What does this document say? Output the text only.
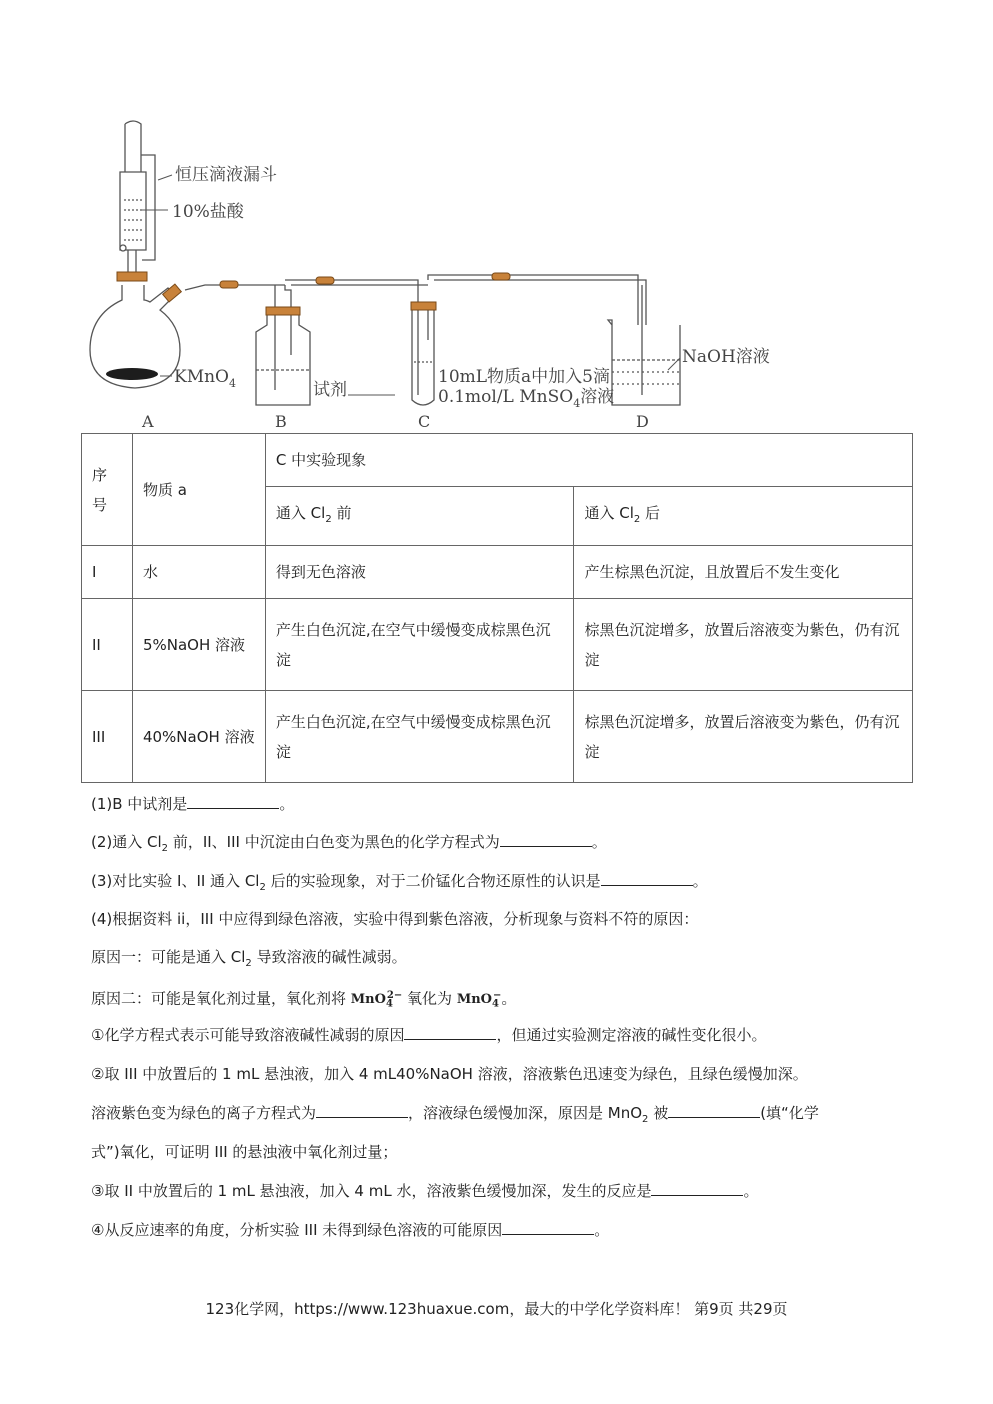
恒压滴液漏斗
10%盐酸
KMnO$_4$	试剂
10mL物质a中加入5滴
0.1mol/L MnSO$_4$溶液
NaOH溶液
A	B	C	D
序
号	物质 a	C 中实验现象	
		通入 $Cl_2$ 前	通入 $Cl_2$ 后
I	水	得到无色溶液	产生棕黑色沉淀，且放置后不发生变化
II	5%NaOH 溶液	产生白色沉淀,在空气中缓慢变成棕黑色沉淀	棕黑色沉淀增多，放置后溶液变为紫色，仍有沉淀
III	40%NaOH 溶液	产生白色沉淀,在空气中缓慢变成棕黑色沉淀	棕黑色沉淀增多，放置后溶液变为紫色，仍有沉淀
(1)B 中试剂是	。
(2)通入 $Cl_2$ 前，II、III 中沉淀由白色变为黑色的化学方程式为	。
(3)对比实验 I、II 通入 $Cl_2$ 后的实验现象，对于二价锰化合物还原性的认识是	。
(4)根据资料 ii，III 中应得到绿色溶液，实验中得到紫色溶液，分析现象与资料不符的原因：
原因一：可能是通入 $Cl_2$ 导致溶液的碱性减弱。
原因二：可能是氧化剂过量，氧化剂将 MnO$_4^{2-}$ 氧化为 MnO$_4$−。
①化学方程式表示可能导致溶液碱性减弱的原因	，但通过实验测定溶液的碱性变化很小。
②取 III 中放置后的 1 mL 悬浊液，加入 4 mL40%NaOH 溶液，溶液紫色迅速变为绿色，且绿色缓慢加深。
溶液紫色变为绿色的离子方程式为	，溶液绿色缓慢加深，原因是 MnO$_2$ 被	(填“化学
式”)氧化，可证明 III 的悬浊液中氧化剂过量；
③取 II 中放置后的 1 mL 悬浊液，加入 4 mL 水，溶液紫色缓慢加深，发生的反应是	。
④从反应速率的角度，分析实验 III 未得到绿色溶液的可能原因	。
123化学网，https://www.123huaxue.com，最大的中学化学资料库！ 第9页 共29页
